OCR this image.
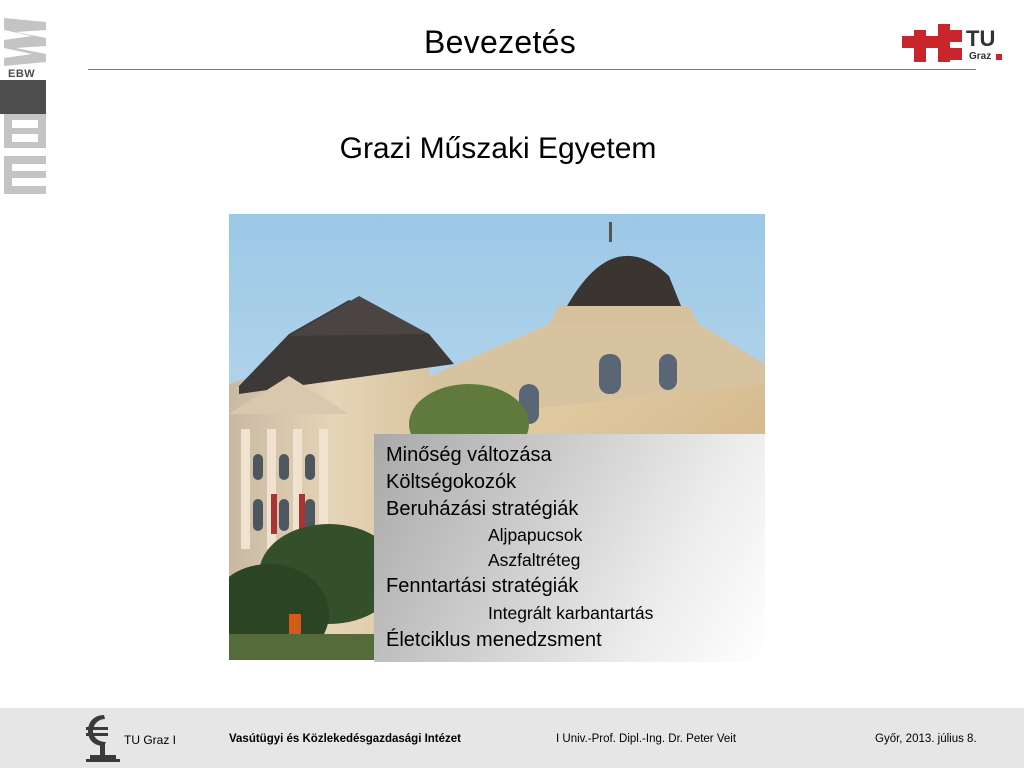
EBW
Bevezetés	TU
Graz
Grazi Műszaki Egyetem
Minőség változása
Költségokozók
Beruházási stratégiák
Aljpapucsok
Aszfaltréteg
Fenntartási stratégiák
Integrált karbantartás
Életciklus menedzsment
TU Graz I	Vasútügyi és Közlekedésgazdasági Intézet	I Univ.-Prof. Dipl.-Ing. Dr. Peter Veit	Győr, 2013. július 8.
